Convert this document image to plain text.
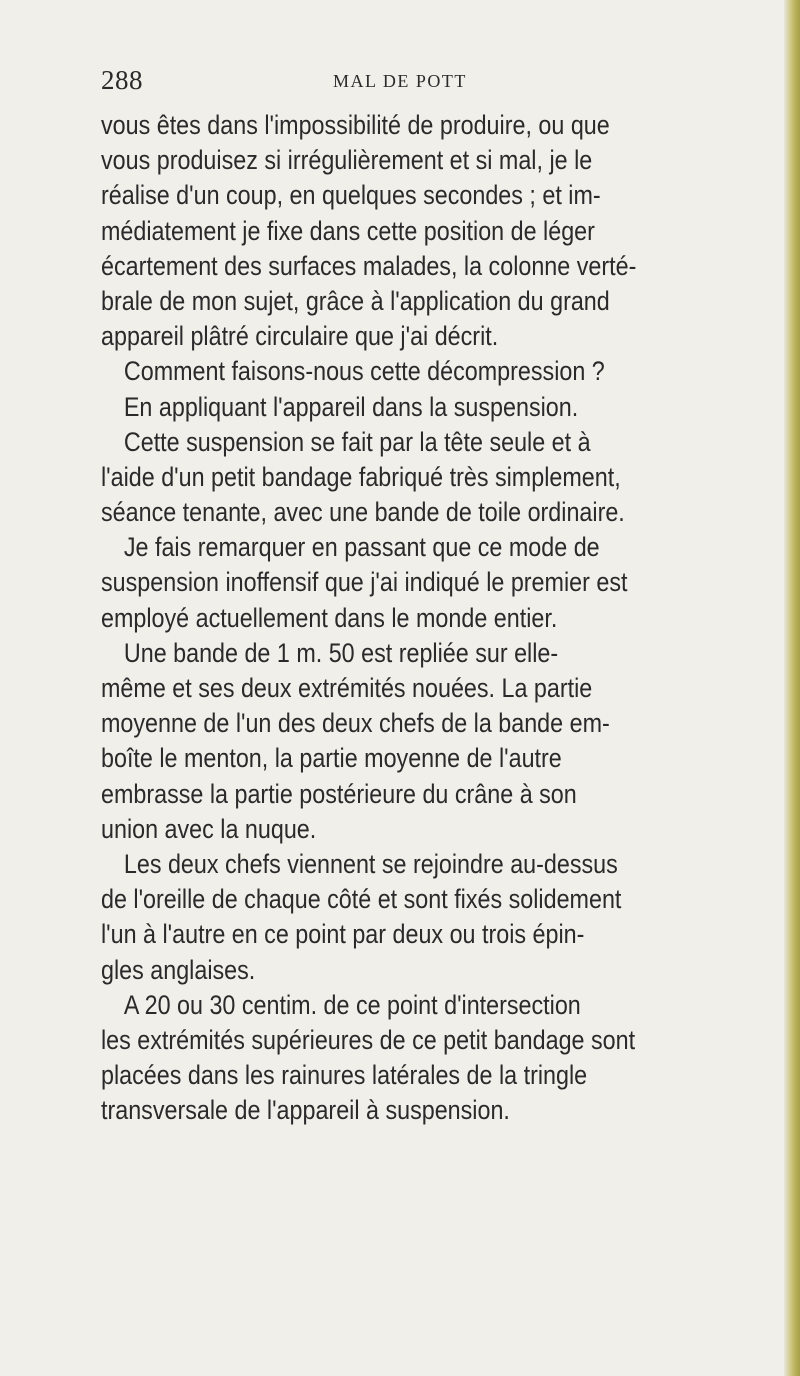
288	MAL DE POTT
vous êtes dans l'impossibilité de produire, ou que
vous produisez si irrégulièrement et si mal, je le
réalise d'un coup, en quelques secondes ; et im-
médiatement je fixe dans cette position de léger
écartement des surfaces malades, la colonne verté-
brale de mon sujet, grâce à l'application du grand
appareil plâtré circulaire que j'ai décrit.
Comment faisons-nous cette décompression ?
En appliquant l'appareil dans la suspension.
Cette suspension se fait par la tête seule et à
l'aide d'un petit bandage fabriqué très simplement,
séance tenante, avec une bande de toile ordinaire.
Je fais remarquer en passant que ce mode de
suspension inoffensif que j'ai indiqué le premier est
employé actuellement dans le monde entier.
Une bande de 1 m. 50 est repliée sur elle-
même et ses deux extrémités nouées. La partie
moyenne de l'un des deux chefs de la bande em-
boîte le menton, la partie moyenne de l'autre
embrasse la partie postérieure du crâne à son
union avec la nuque.
Les deux chefs viennent se rejoindre au-dessus
de l'oreille de chaque côté et sont fixés solidement
l'un à l'autre en ce point par deux ou trois épin-
gles anglaises.
A 20 ou 30 centim. de ce point d'intersection
les extrémités supérieures de ce petit bandage sont
placées dans les rainures latérales de la tringle
transversale de l'appareil à suspension.
